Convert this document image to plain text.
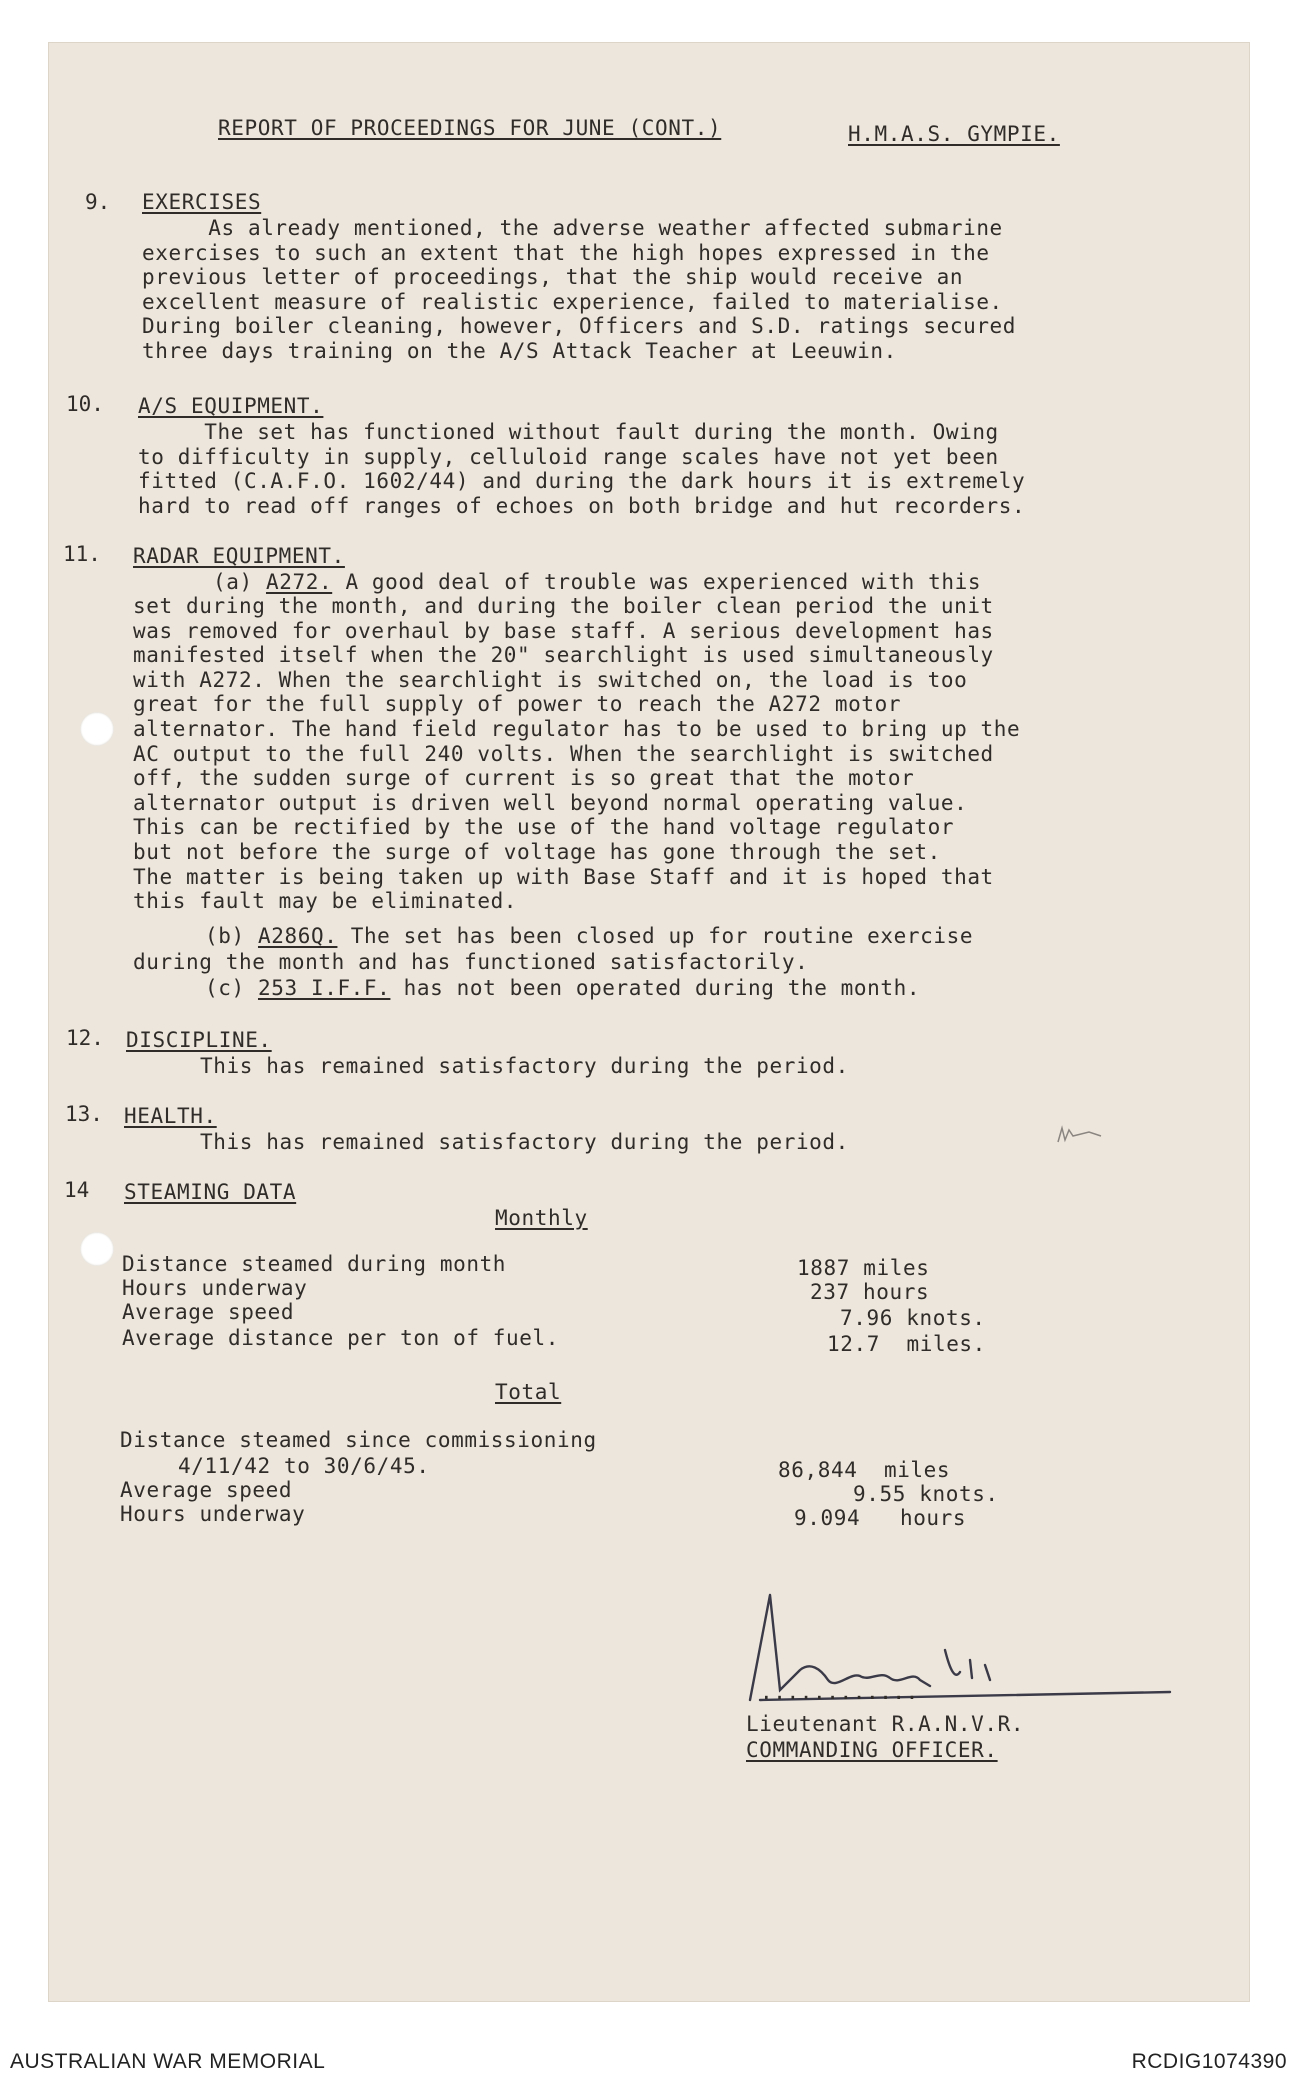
REPORT OF PROCEEDINGS FOR JUNE (CONT.)	H.M.A.S. GYMPIE.
9. EXERCISES
As already mentioned, the adverse weather affected submarine
exercises to such an extent that the high hopes expressed in the
previous letter of proceedings, that the ship would receive an
excellent measure of realistic experience, failed to materialise.
During boiler cleaning, however, Officers and S.D. ratings secured
three days training on the A/S Attack Teacher at Leeuwin.
10. A/S EQUIPMENT.
The set has functioned without fault during the month. Owing
to difficulty in supply, celluloid range scales have not yet been
fitted (C.A.F.O. 1602/44) and during the dark hours it is extremely
hard to read off ranges of echoes on both bridge and hut recorders.
11. RADAR EQUIPMENT.
(a) A272. A good deal of trouble was experienced with this
set during the month, and during the boiler clean period the unit
was removed for overhaul by base staff. A serious development has
manifested itself when the 20" searchlight is used simultaneously
with A272. When the searchlight is switched on, the load is too
great for the full supply of power to reach the A272 motor
alternator. The hand field regulator has to be used to bring up the
AC output to the full 240 volts. When the searchlight is switched
off, the sudden surge of current is so great that the motor
alternator output is driven well beyond normal operating value.
This can be rectified by the use of the hand voltage regulator
but not before the surge of voltage has gone through the set.
The matter is being taken up with Base Staff and it is hoped that
this fault may be eliminated.
(b) A286Q. The set has been closed up for routine exercise
during the month and has functioned satisfactorily.
(c) 253 I.F.F. has not been operated during the month.
12. DISCIPLINE.
This has remained satisfactory during the period.
13. HEALTH.
This has remained satisfactory during the period.
14 STEAMING DATA
Monthly
Distance steamed during month	1887 miles
Hours underway	237 hours
Average speed	7.96 knots.
Average distance per ton of fuel.	12.7  miles.
Total
Distance steamed since commissioning
4/11/42 to 30/6/45.	86,844  miles
Average speed	9.55 knots.
Hours underway	9.094   hours
............
Lieutenant R.A.N.V.R.
COMMANDING OFFICER.
AUSTRALIAN WAR MEMORIAL	RCDIG1074390
